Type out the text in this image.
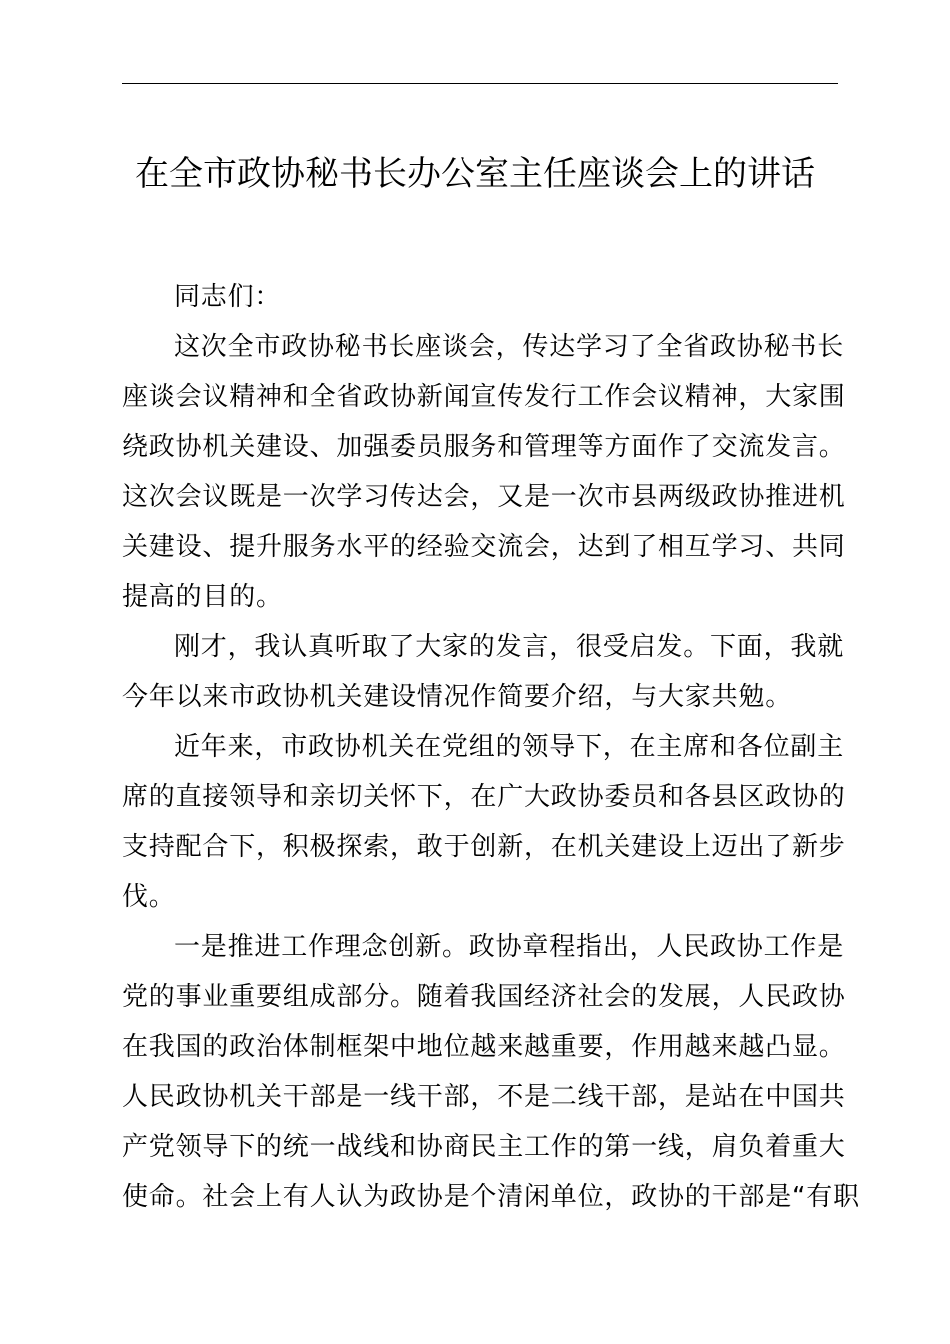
在全市政协秘书长办公室主任座谈会上的讲话

同志们：

这次全市政协秘书长座谈会，传达学习了全省政协秘书长
座谈会议精神和全省政协新闻宣传发行工作会议精神，大家围
绕政协机关建设、加强委员服务和管理等方面作了交流发言。
这次会议既是一次学习传达会，又是一次市县两级政协推进机
关建设、提升服务水平的经验交流会，达到了相互学习、共同
提高的目的。

刚才，我认真听取了大家的发言，很受启发。下面，我就
今年以来市政协机关建设情况作简要介绍，与大家共勉。

近年来，市政协机关在党组的领导下，在主席和各位副主
席的直接领导和亲切关怀下，在广大政协委员和各县区政协的
支持配合下，积极探索，敢于创新，在机关建设上迈出了新步
伐。

一是推进工作理念创新。政协章程指出，人民政协工作是
党的事业重要组成部分。随着我国经济社会的发展，人民政协
在我国的政治体制框架中地位越来越重要，作用越来越凸显。
人民政协机关干部是一线干部，不是二线干部，是站在中国共
产党领导下的统一战线和协商民主工作的第一线，肩负着重大
使命。社会上有人认为政协是个清闲单位，政协的干部是“有职
